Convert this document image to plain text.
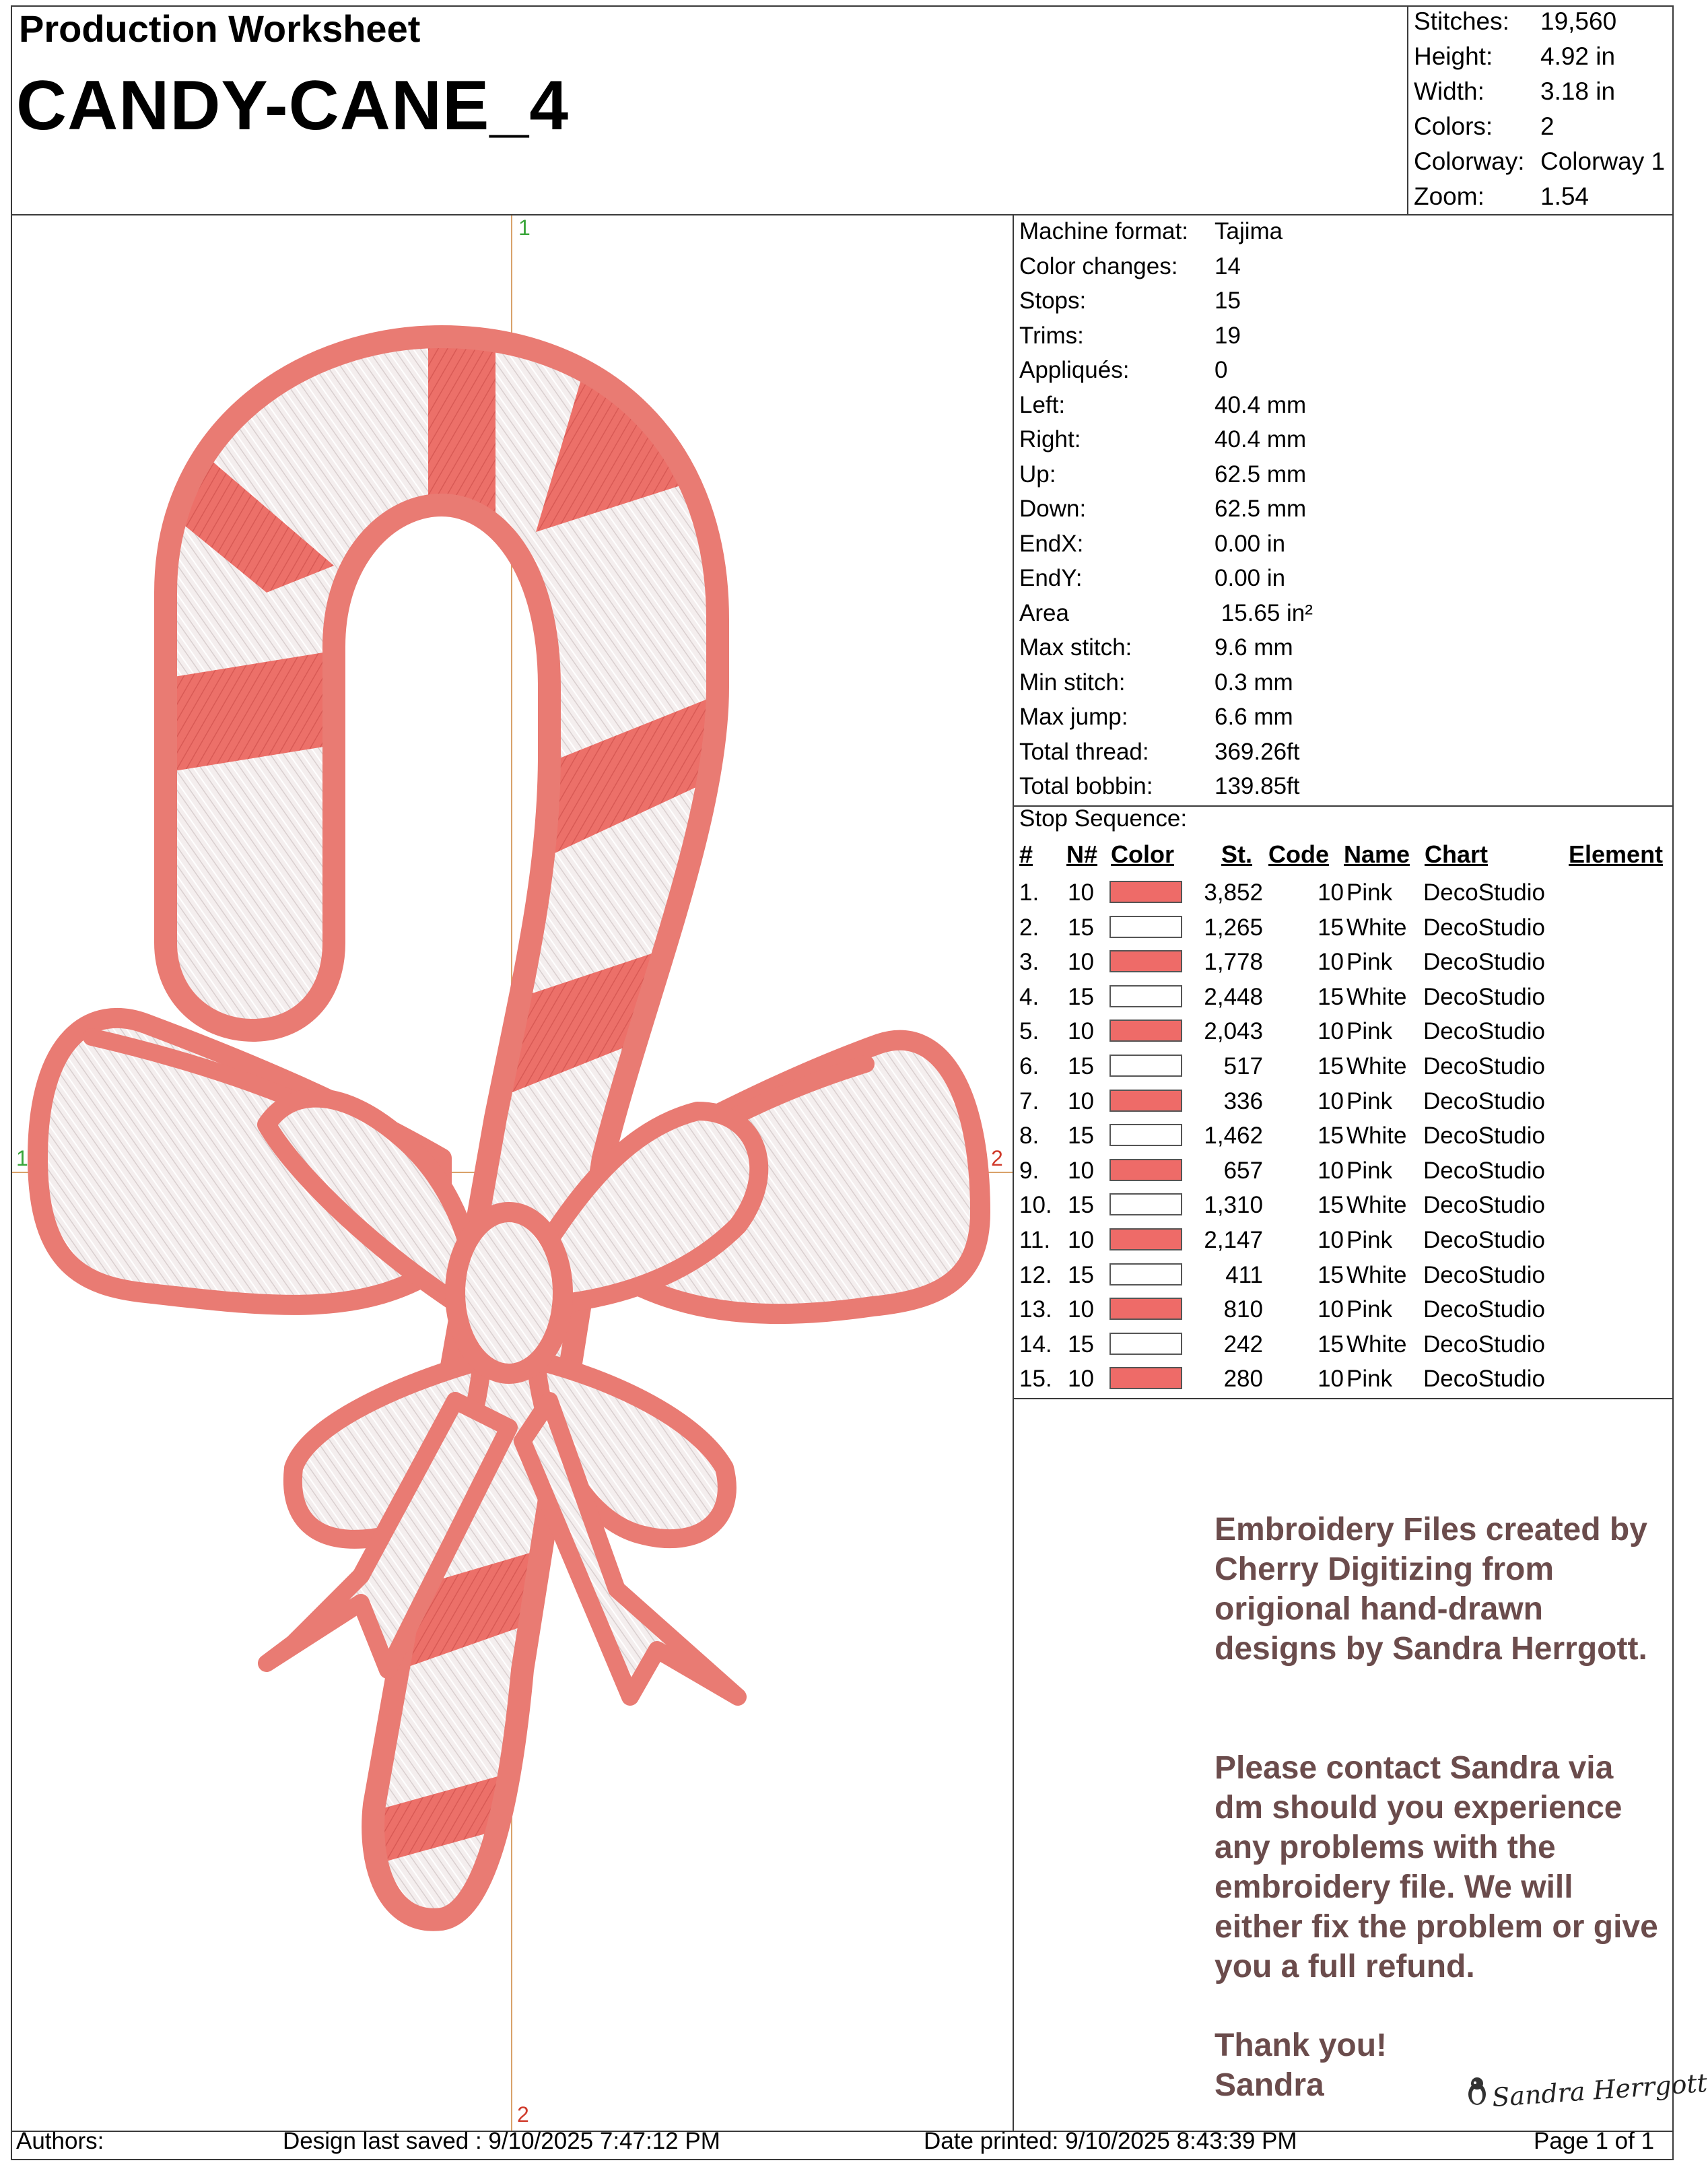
Production Worksheet
CANDY-CANE_4
Stitches:	19,560
Height:	4.92 in
Width:	3.18 in
Colors:	2
Colorway: Colorway 1
Zoom:	1.54
1
2
1	2
Machine format:	Tajima
Color changes:	14
Stops:	15
Trims:	19
Appliqués:	0
Left:	40.4 mm
Right:	40.4 mm
Up:	62.5 mm
Down:	62.5 mm
EndX:	0.00 in
EndY:	0.00 in
Area	15.65 in²
Max stitch:	9.6 mm
Min stitch:	0.3 mm
Max jump:	6.6 mm
Total thread:	369.26ft
Total bobbin:	139.85ft
Stop Sequence:
# N# Color St. Code Name Chart	Element
1. 10	3,852	10 Pink DecoStudio
2. 15	1,265	15 White DecoStudio
3. 10	1,778	10 Pink DecoStudio
4. 15	2,448	15 White DecoStudio
5. 10	2,043	10 Pink DecoStudio
6. 15	517	15 White DecoStudio
7. 10	336	10 Pink DecoStudio
8. 15	1,462	15 White DecoStudio
9. 10	657	10 Pink DecoStudio
10. 15	1,310	15 White DecoStudio
11. 10	2,147	10 Pink DecoStudio
12. 15	411	15 White DecoStudio
13. 10	810	10 Pink DecoStudio
14. 15	242	15 White DecoStudio
15. 10	280	10 Pink DecoStudio
Embroidery Files created by Cherry Digitizing from origional hand-drawn designs by Sandra Herrgott.
Please contact Sandra via dm should you experience any problems with the embroidery file. We will either fix the problem or give you a full refund.
Thank you!
Sandra	Sandra Herrgott
Authors:	Design last saved : 9/10/2025 7:47:12 PM	Date printed: 9/10/2025 8:43:39 PM	Page 1 of 1
